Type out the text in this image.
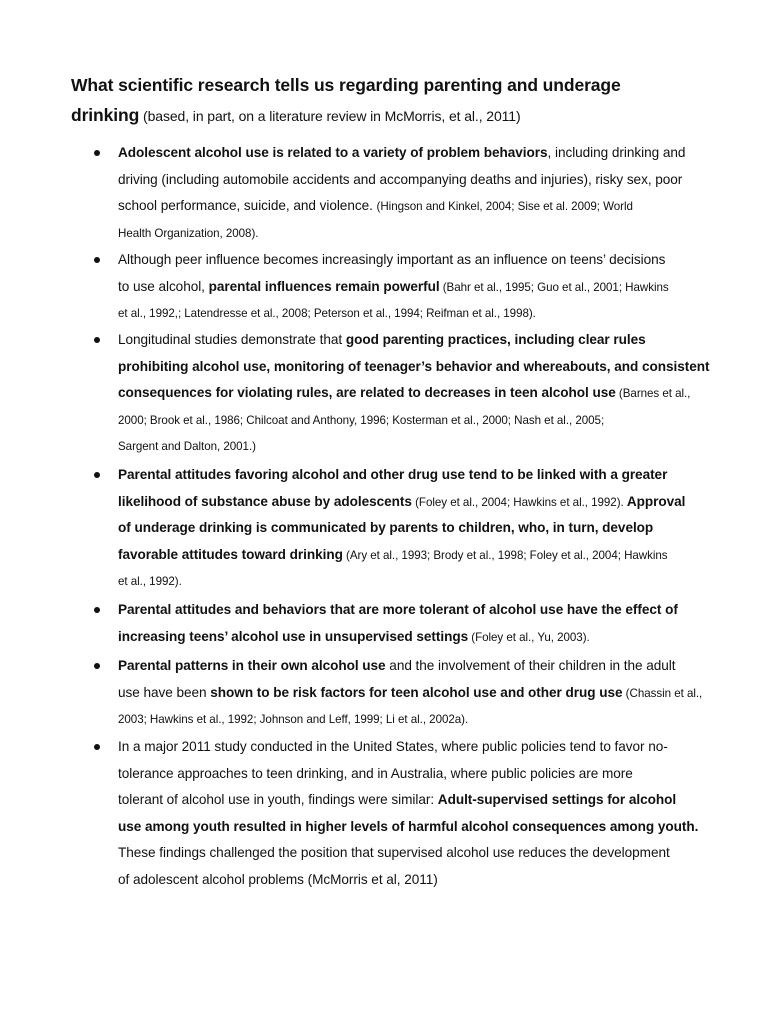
What scientific research tells us regarding parenting and underage
drinking (based, in part, on a literature review in McMorris, et al., 2011)
Adolescent alcohol use is related to a variety of problem behaviors, including drinking and
driving (including automobile accidents and accompanying deaths and injuries), risky sex, poor
school performance, suicide, and violence. (Hingson and Kinkel, 2004; Sise et al. 2009; World
Health Organization, 2008).
Although peer influence becomes increasingly important as an influence on teens’ decisions
to use alcohol, parental influences remain powerful (Bahr et al., 1995; Guo et al., 2001; Hawkins
et al., 1992,; Latendresse et al., 2008; Peterson et al., 1994; Reifman et al., 1998).
Longitudinal studies demonstrate that good parenting practices, including clear rules
prohibiting alcohol use, monitoring of teenager’s behavior and whereabouts, and consistent
consequences for violating rules, are related to decreases in teen alcohol use (Barnes et al.,
2000; Brook et al., 1986; Chilcoat and Anthony, 1996; Kosterman et al., 2000; Nash et al., 2005;
Sargent and Dalton, 2001.)
Parental attitudes favoring alcohol and other drug use tend to be linked with a greater
likelihood of substance abuse by adolescents (Foley et al., 2004; Hawkins et al., 1992). Approval
of underage drinking is communicated by parents to children, who, in turn, develop
favorable attitudes toward drinking (Ary et al., 1993; Brody et al., 1998; Foley et al., 2004; Hawkins
et al., 1992).
Parental attitudes and behaviors that are more tolerant of alcohol use have the effect of
increasing teens’ alcohol use in unsupervised settings (Foley et al., Yu, 2003).
Parental patterns in their own alcohol use and the involvement of their children in the adult
use have been shown to be risk factors for teen alcohol use and other drug use (Chassin et al.,
2003; Hawkins et al., 1992; Johnson and Leff, 1999; Li et al., 2002a).
In a major 2011 study conducted in the United States, where public policies tend to favor no-
tolerance approaches to teen drinking, and in Australia, where public policies are more
tolerant of alcohol use in youth, findings were similar: Adult-supervised settings for alcohol
use among youth resulted in higher levels of harmful alcohol consequences among youth.
These findings challenged the position that supervised alcohol use reduces the development
of adolescent alcohol problems (McMorris et al, 2011)
